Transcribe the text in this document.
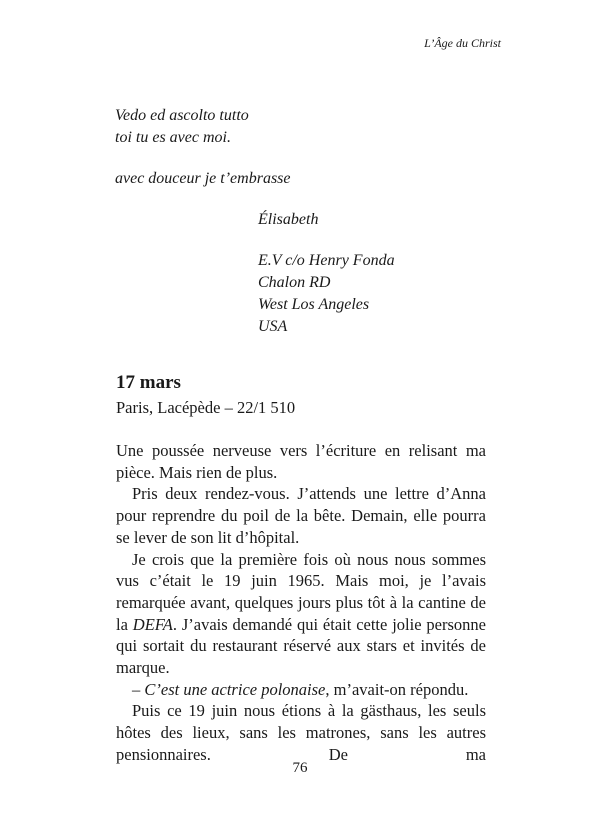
L’Âge du Christ
Vedo ed ascolto tutto
toi tu es avec moi.
avec douceur je t’embrasse
Élisabeth
E.V c/o Henry Fonda
Chalon RD
West Los Angeles
USA
17 mars
Paris, Lacépède – 22/1 510

Une poussée nerveuse vers l’écriture en relisant ma pièce. Mais rien de plus.

Pris deux rendez-vous. J’attends une lettre d’Anna pour reprendre du poil de la bête. Demain, elle pourra se lever de son lit d’hôpital.

Je crois que la première fois où nous nous sommes vus c’était le 19 juin 1965. Mais moi, je l’avais remarquée avant, quelques jours plus tôt à la cantine de la DEFA. J’avais demandé qui était cette jolie personne qui sortait du restaurant réservé aux stars et invités de marque.

– C’est une actrice polonaise, m’avait-on répondu.

Puis ce 19 juin nous étions à la gästhaus, les seuls hôtes des lieux, sans les matrones, sans les autres pensionnaires. De ma

76
